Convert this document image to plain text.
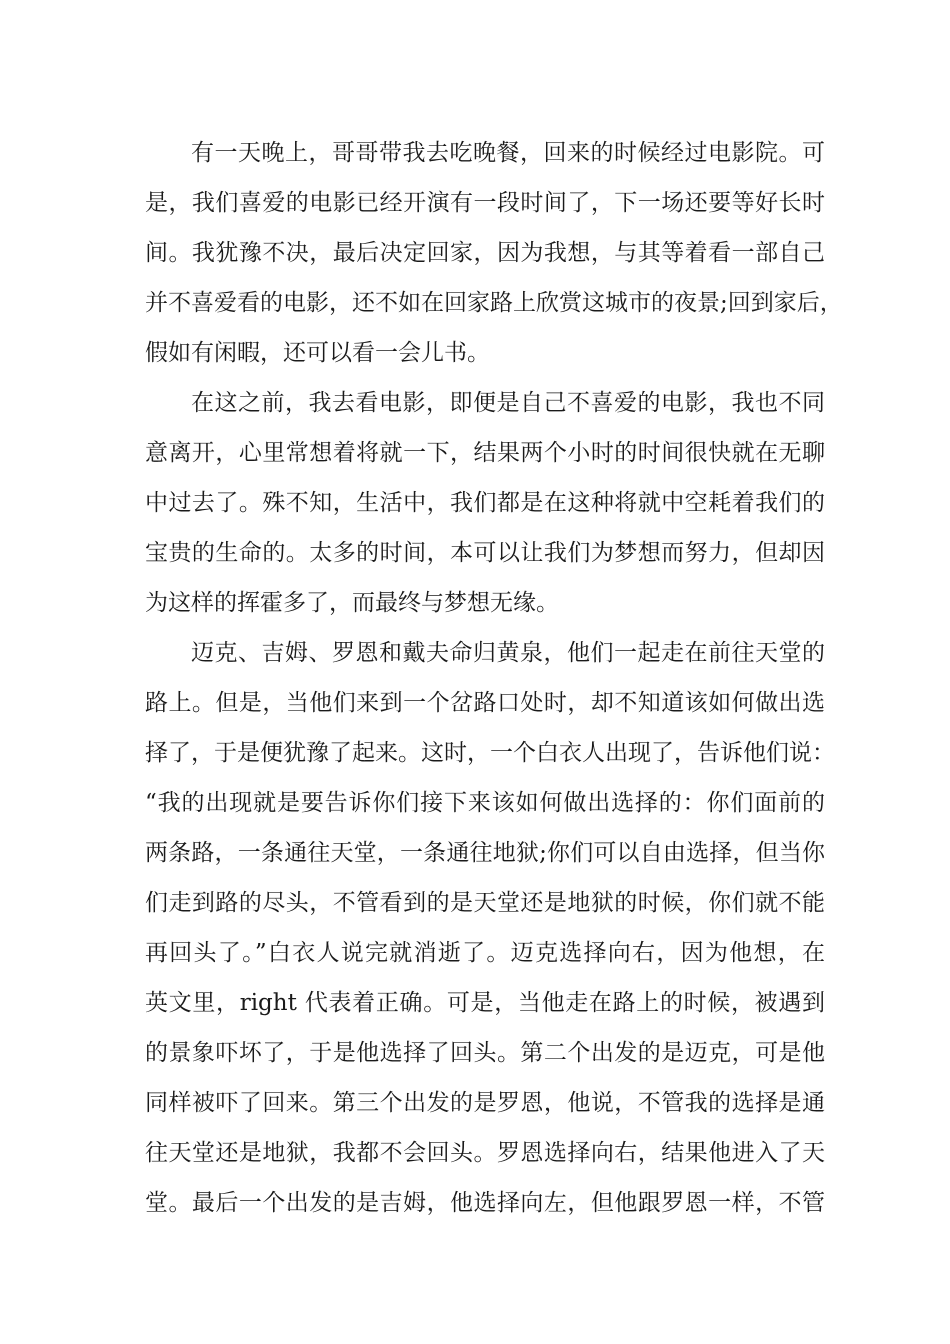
有一天晚上，哥哥带我去吃晚餐，回来的时候经过电影院。可
是，我们喜爱的电影已经开演有一段时间了，下一场还要等好长时
间。我犹豫不决，最后决定回家，因为我想，与其等着看一部自己
并不喜爱看的电影，还不如在回家路上欣赏这城市的夜景;回到家后，
假如有闲暇，还可以看一会儿书。
在这之前，我去看电影，即便是自己不喜爱的电影，我也不同
意离开，心里常想着将就一下，结果两个小时的时间很快就在无聊
中过去了。殊不知，生活中，我们都是在这种将就中空耗着我们的
宝贵的生命的。太多的时间，本可以让我们为梦想而努力，但却因
为这样的挥霍多了，而最终与梦想无缘。
迈克、吉姆、罗恩和戴夫命归黄泉，他们一起走在前往天堂的
路上。但是，当他们来到一个岔路口处时，却不知道该如何做出选
择了，于是便犹豫了起来。这时，一个白衣人出现了，告诉他们说：
“我的出现就是要告诉你们接下来该如何做出选择的：你们面前的
两条路，一条通往天堂，一条通往地狱;你们可以自由选择，但当你
们走到路的尽头，不管看到的是天堂还是地狱的时候，你们就不能
再回头了。”白衣人说完就消逝了。迈克选择向右，因为他想，在
英文里，right 代表着正确。可是，当他走在路上的时候，被遇到
的景象吓坏了，于是他选择了回头。第二个出发的是迈克，可是他
同样被吓了回来。第三个出发的是罗恩，他说，不管我的选择是通
往天堂还是地狱，我都不会回头。罗恩选择向右，结果他进入了天
堂。最后一个出发的是吉姆，他选择向左，但他跟罗恩一样，不管
